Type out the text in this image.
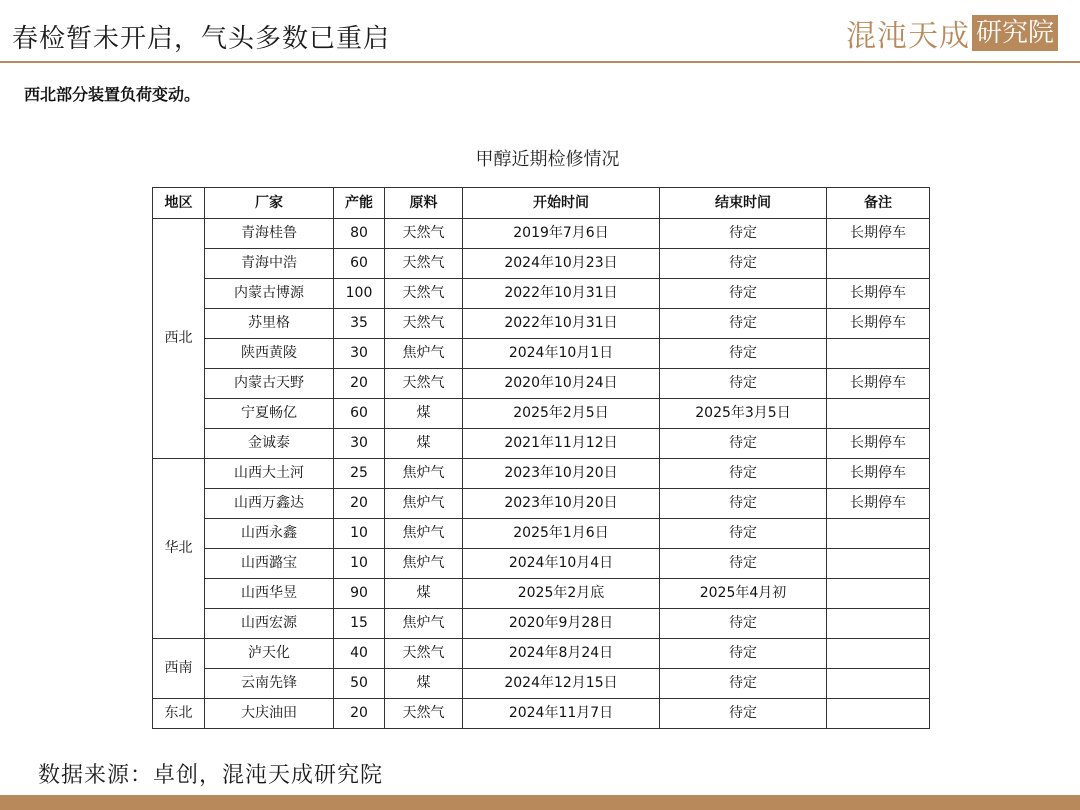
春检暂未开启，气头多数已重启	混沌天成 研究院
西北部分装置负荷变动。
甲醇近期检修情况
地区	厂家	产能	原料	开始时间	结束时间	备注
西北	青海桂鲁	80	天然气	2019年7月6日	待定	长期停车
	青海中浩	60	天然气	2024年10月23日	待定	
	内蒙古博源	100	天然气	2022年10月31日	待定	长期停车
	苏里格	35	天然气	2022年10月31日	待定	长期停车
	陕西黄陵	30	焦炉气	2024年10月1日	待定	
	内蒙古天野	20	天然气	2020年10月24日	待定	长期停车
	宁夏畅亿	60	煤	2025年2月5日	2025年3月5日	
	金诚泰	30	煤	2021年11月12日	待定	长期停车
华北	山西大土河	25	焦炉气	2023年10月20日	待定	长期停车
	山西万鑫达	20	焦炉气	2023年10月20日	待定	长期停车
	山西永鑫	10	焦炉气	2025年1月6日	待定	
	山西潞宝	10	焦炉气	2024年10月4日	待定	
	山西华昱	90	煤	2025年2月底	2025年4月初	
	山西宏源	15	焦炉气	2020年9月28日	待定	
西南	泸天化	40	天然气	2024年8月24日	待定	
	云南先锋	50	煤	2024年12月15日	待定	
东北	大庆油田	20	天然气	2024年11月7日	待定	
数据来源：卓创，混沌天成研究院
